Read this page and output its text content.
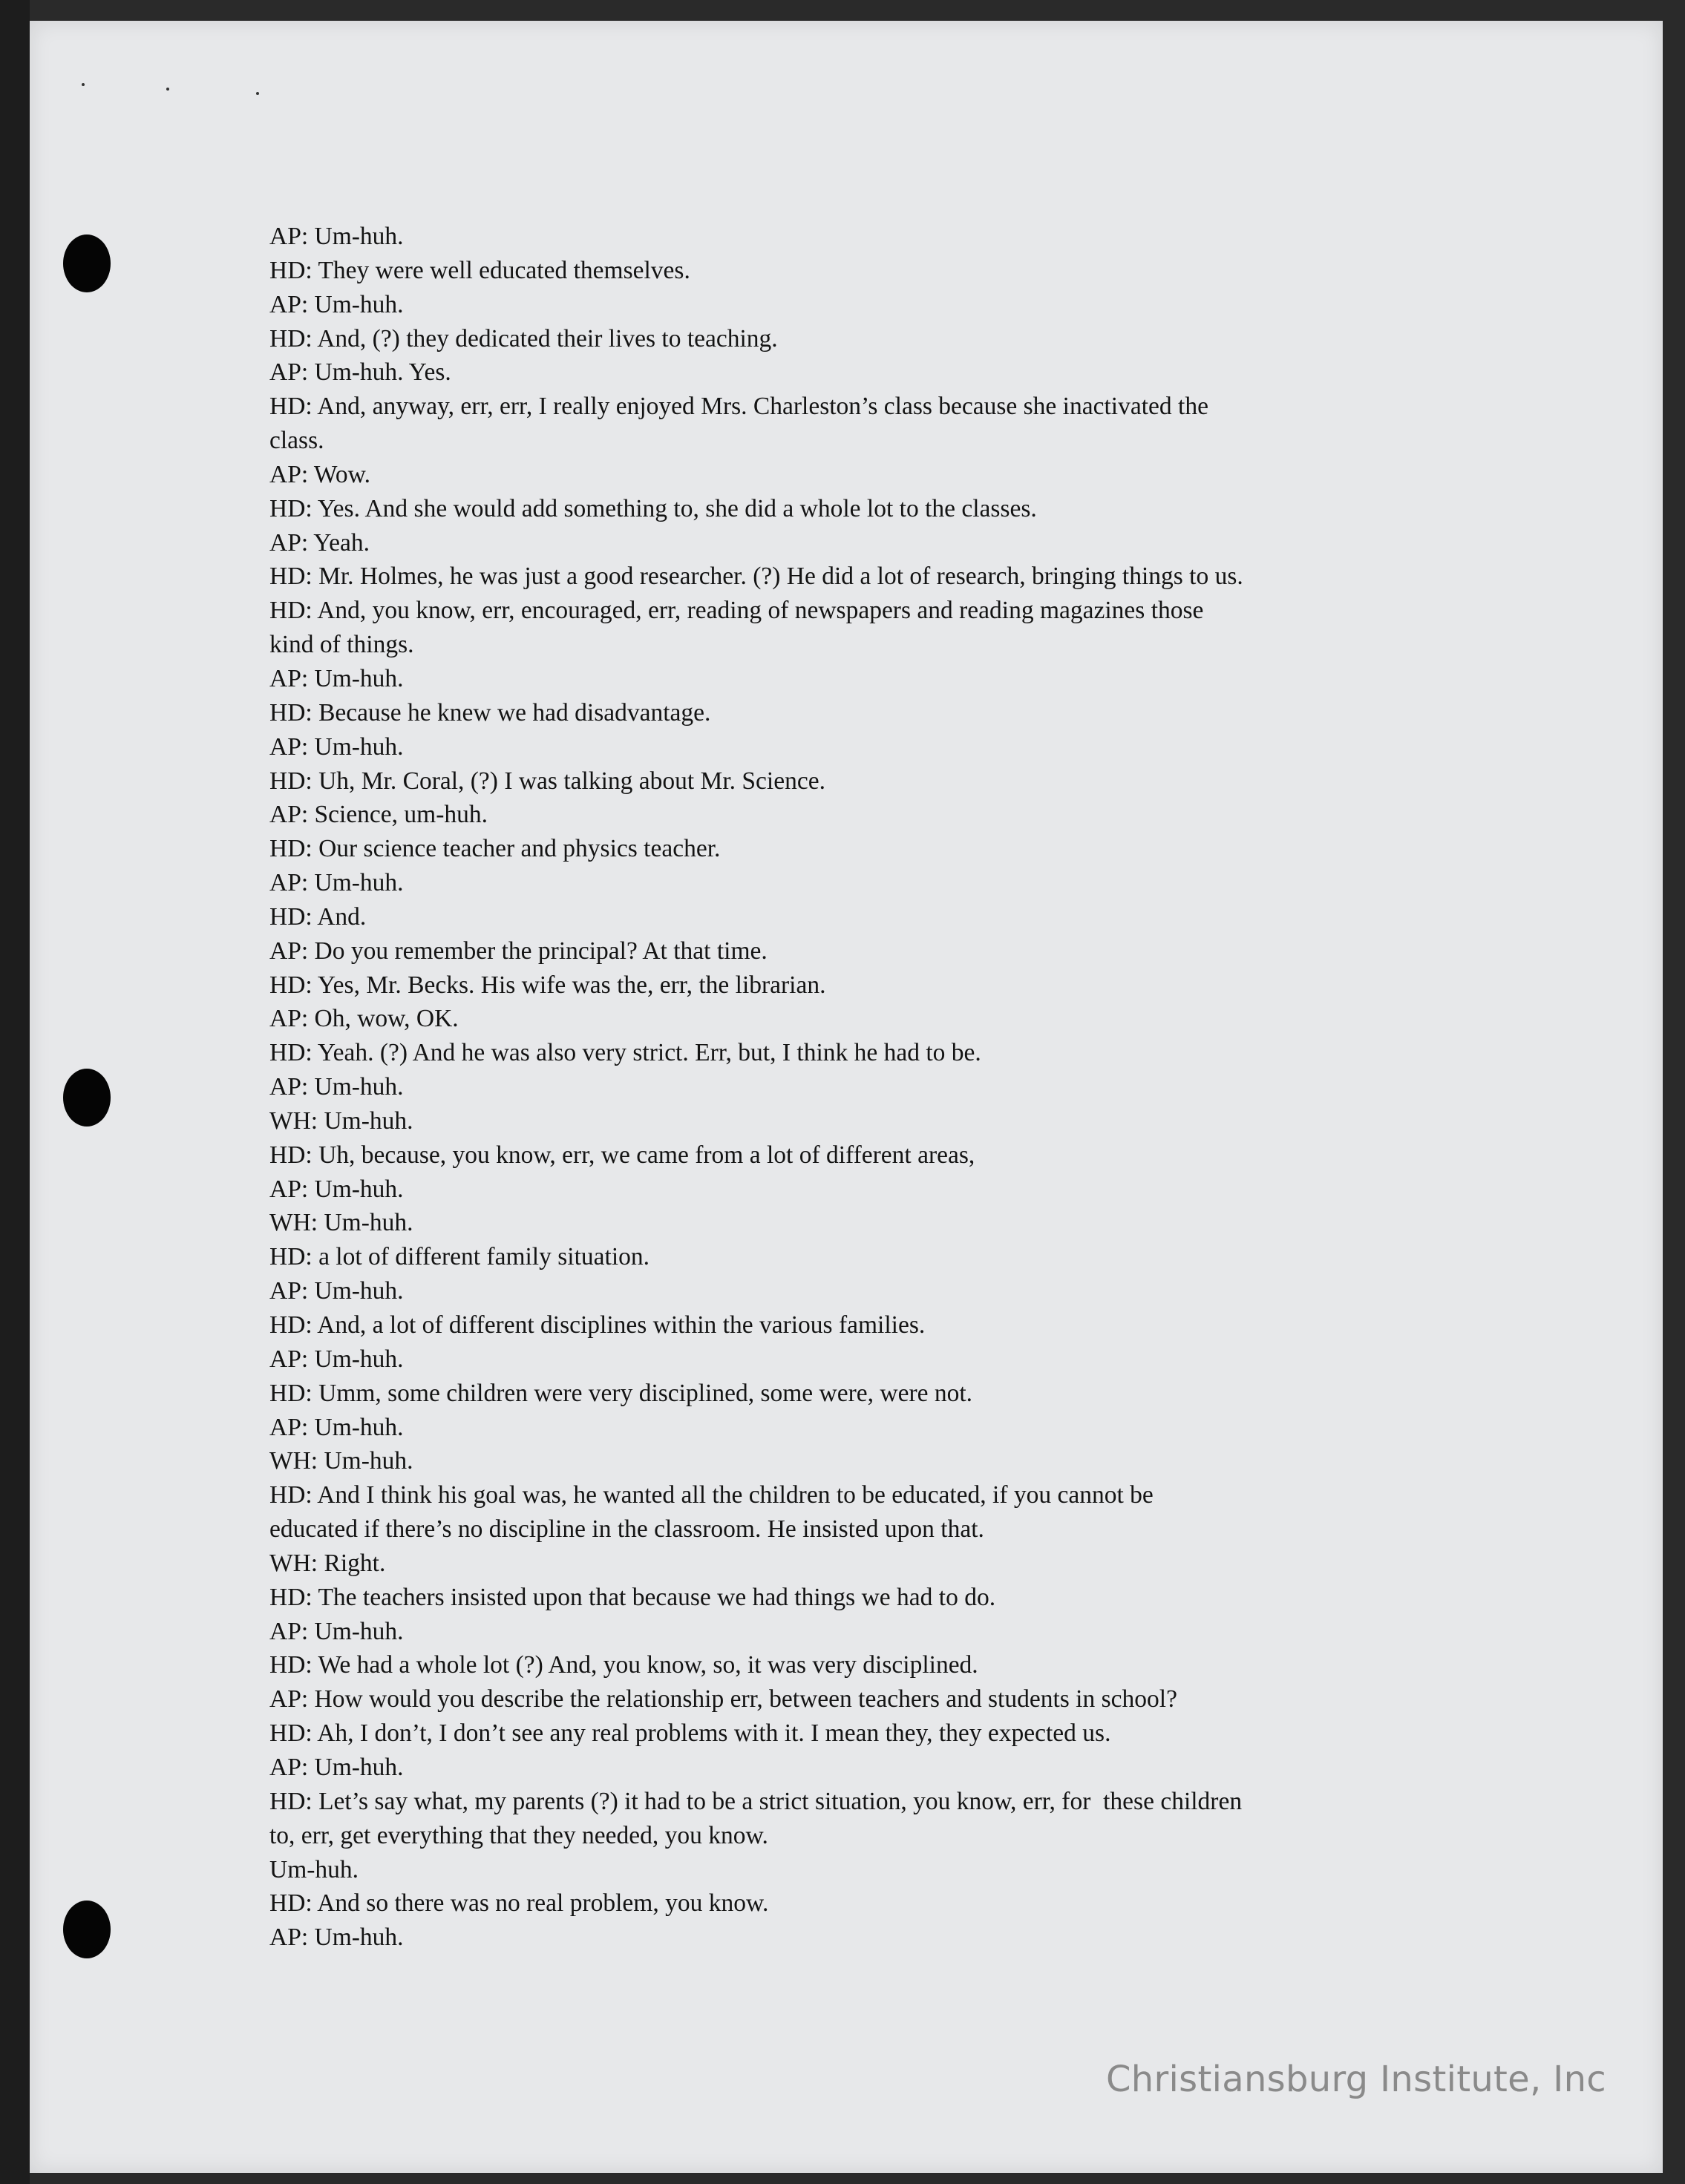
AP: Um-huh.
HD: They were well educated themselves.
AP: Um-huh.
HD: And, (?) they dedicated their lives to teaching.
AP: Um-huh. Yes.
HD: And, anyway, err, err, I really enjoyed Mrs. Charleston’s class because she inactivated the
class.
AP: Wow.
HD: Yes. And she would add something to, she did a whole lot to the classes.
AP: Yeah.
HD: Mr. Holmes, he was just a good researcher. (?) He did a lot of research, bringing things to us.
HD: And, you know, err, encouraged, err, reading of newspapers and reading magazines those
kind of things.
AP: Um-huh.
HD: Because he knew we had disadvantage.
AP: Um-huh.
HD: Uh, Mr. Coral, (?) I was talking about Mr. Science.
AP: Science, um-huh.
HD: Our science teacher and physics teacher.
AP: Um-huh.
HD: And.
AP: Do you remember the principal? At that time.
HD: Yes, Mr. Becks. His wife was the, err, the librarian.
AP: Oh, wow, OK.
HD: Yeah. (?) And he was also very strict. Err, but, I think he had to be.
AP: Um-huh.
WH: Um-huh.
HD: Uh, because, you know, err, we came from a lot of different areas,
AP: Um-huh.
WH: Um-huh.
HD: a lot of different family situation.
AP: Um-huh.
HD: And, a lot of different disciplines within the various families.
AP: Um-huh.
HD: Umm, some children were very disciplined, some were, were not.
AP: Um-huh.
WH: Um-huh.
HD: And I think his goal was, he wanted all the children to be educated, if you cannot be
educated if there’s no discipline in the classroom. He insisted upon that.
WH: Right.
HD: The teachers insisted upon that because we had things we had to do.
AP: Um-huh.
HD: We had a whole lot (?) And, you know, so, it was very disciplined.
AP: How would you describe the relationship err, between teachers and students in school?
HD: Ah, I don’t, I don’t see any real problems with it. I mean they, they expected us.
AP: Um-huh.
HD: Let’s say what, my parents (?) it had to be a strict situation, you know, err, for  these children
to, err, get everything that they needed, you know.
Um-huh.
HD: And so there was no real problem, you know.
AP: Um-huh.
Christiansburg Institute, Inc
